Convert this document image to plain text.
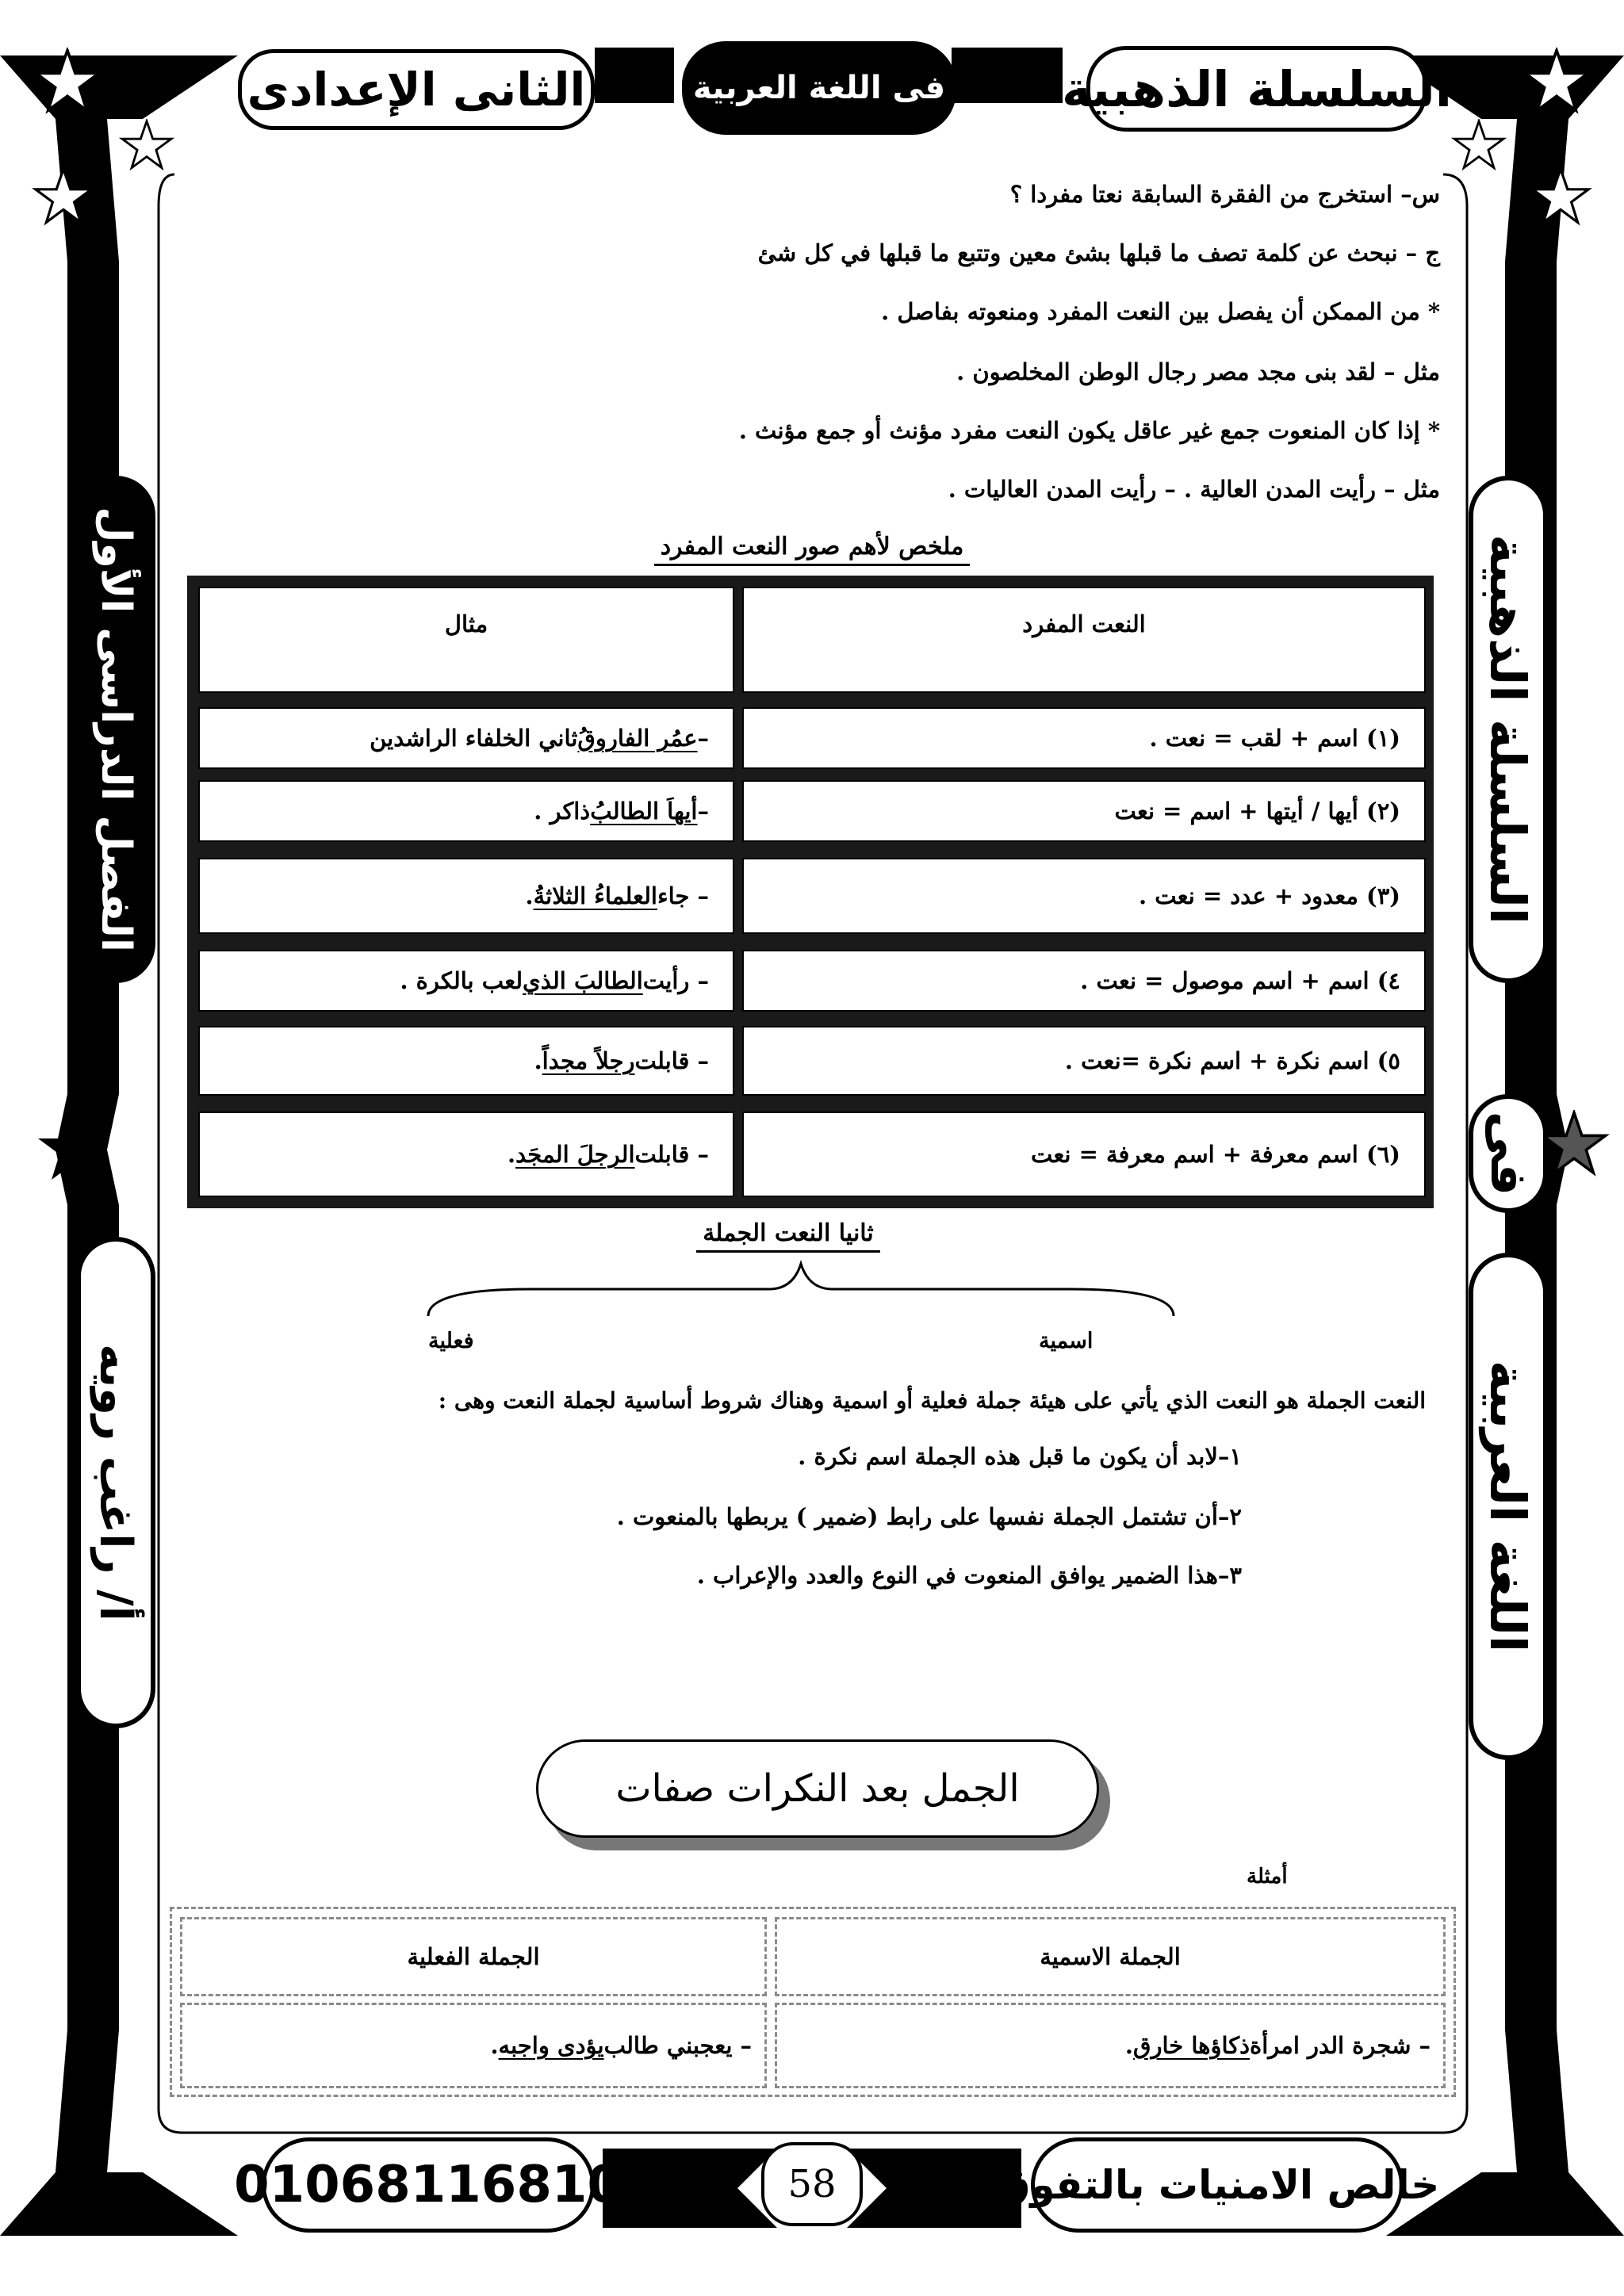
السلسلة الذهبية
فى اللغة العربية
الثانى الإعدادى
الفصل الدراسى الأول
أ/ راغب رويه
السلسلة الذهبية
فى
اللغة العربية
س– استخرج من الفقرة السابقة نعتا مفردا ؟
ج – نبحث عن كلمة تصف ما قبلها بشئ معين وتتبع ما قبلها في كل شئ
* من الممكن أن يفصل بين النعت المفرد ومنعوته بفاصل .
مثل – لقد بنى مجد مصر رجال الوطن المخلصون .
* إذا كان المنعوت جمع غير عاقل يكون النعت مفرد مؤنث أو جمع مؤنث .
مثل – رأيت المدن العالية . – رأيت المدن العاليات .
ملخص لأهم صور النعت المفرد
النعت المفرد
مثال
(١) اسم + لقب = نعت .
–
عمُر الفاروقُ
ثاني الخلفاء الراشدين
(٢) أيها / أيتها + اسم = نعت
–
أيهاَ الطالبُ
ذاكر .
(٣) معدود + عدد = نعت .
– جاء
العلماءُ الثلاثةُ
.
٤) اسم + اسم موصول = نعت .
– رأيت
الطالبَ الذي
لعب بالكرة .
٥) اسم نكرة + اسم نكرة =نعت .
– قابلت
رجلاً مجداً
.
(٦) اسم معرفة + اسم معرفة = نعت
– قابلت
الرجلَ المجَد
.
ثانيا النعت الجملة
اسمية
فعلية
النعت الجملة هو النعت الذي يأتي على هيئة جملة فعلية أو اسمية وهناك شروط أساسية لجملة النعت وهى :
١–لابد أن يكون ما قبل هذه الجملة اسم نكرة .
٢–أن تشتمل الجملة نفسها على رابط (ضمير ) يربطها بالمنعوت .
٣–هذا الضمير يوافق المنعوت في النوع والعدد والإعراب .
الجمل بعد النكرات صفات
أمثلة
الجملة الاسمية
الجملة الفعلية
– شجرة الدر امرأة
ذكاؤها خارق
.
– يعجبني طالب
يؤدى واجبه
.
01068116810	58	خالص الامنيات بالتفوق
